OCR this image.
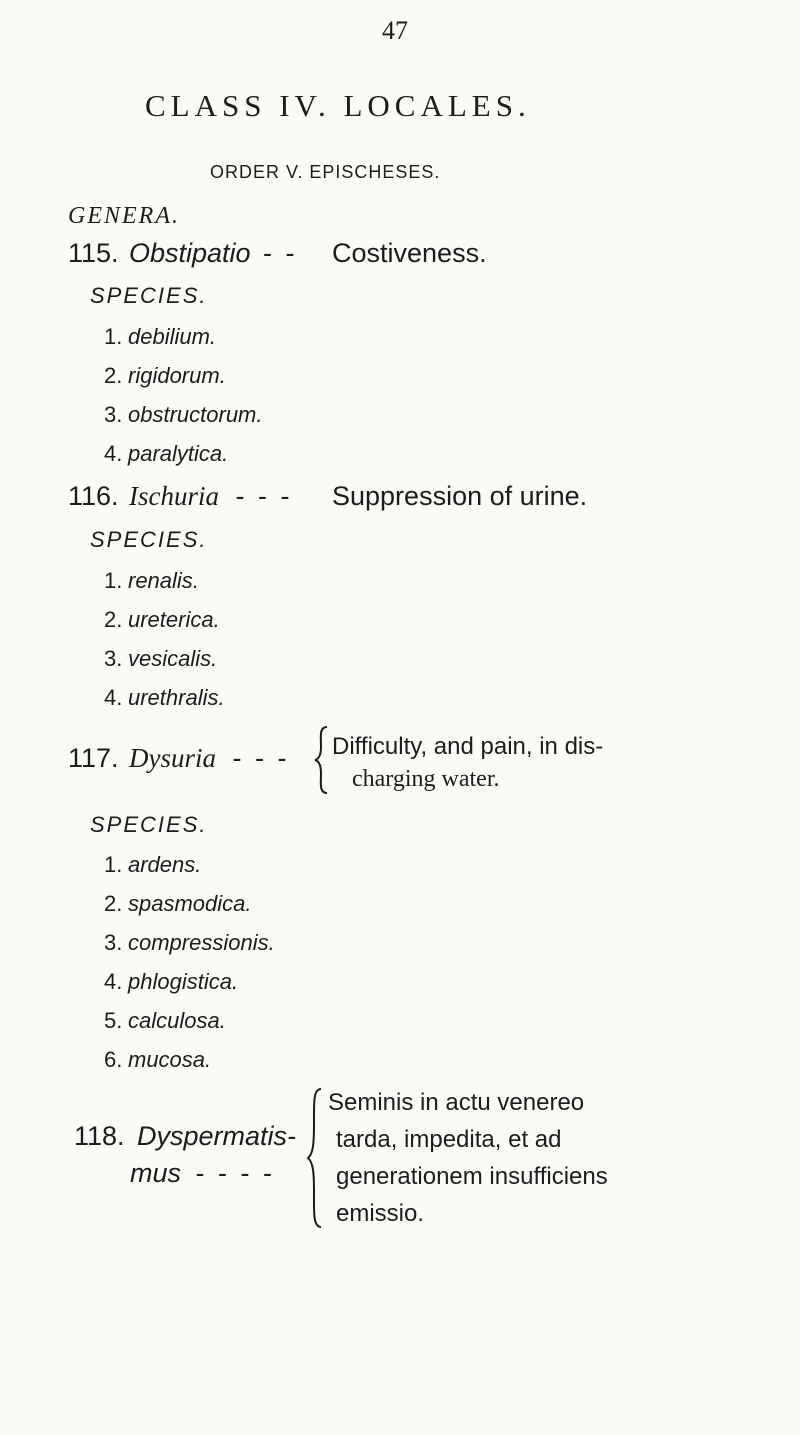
47
CLASS IV. LOCALES.
ORDER V. EPISCHESES.
GENERA.
115. Obstipatio - - Costiveness.
SPECIES.
1. debilium.
2. rigidorum.
3. obstructorum.
4. paralytica.
116. Ischuria - - - Suppression of urine.
SPECIES.
1. renalis.
2. ureterica.
3. vesicalis.
4. urethralis.
117. Dysuria - - - Difficulty, and pain, in dis-
charging water.
SPECIES.
1. ardens.
2. spasmodica.
3. compressionis.
4. phlogistica.
5. calculosa.
6. mucosa.
118. Dyspermatis-
mus - - - -
Seminis in actu venereo
tarda, impedita, et ad
generationem insufficiens
emissio.
